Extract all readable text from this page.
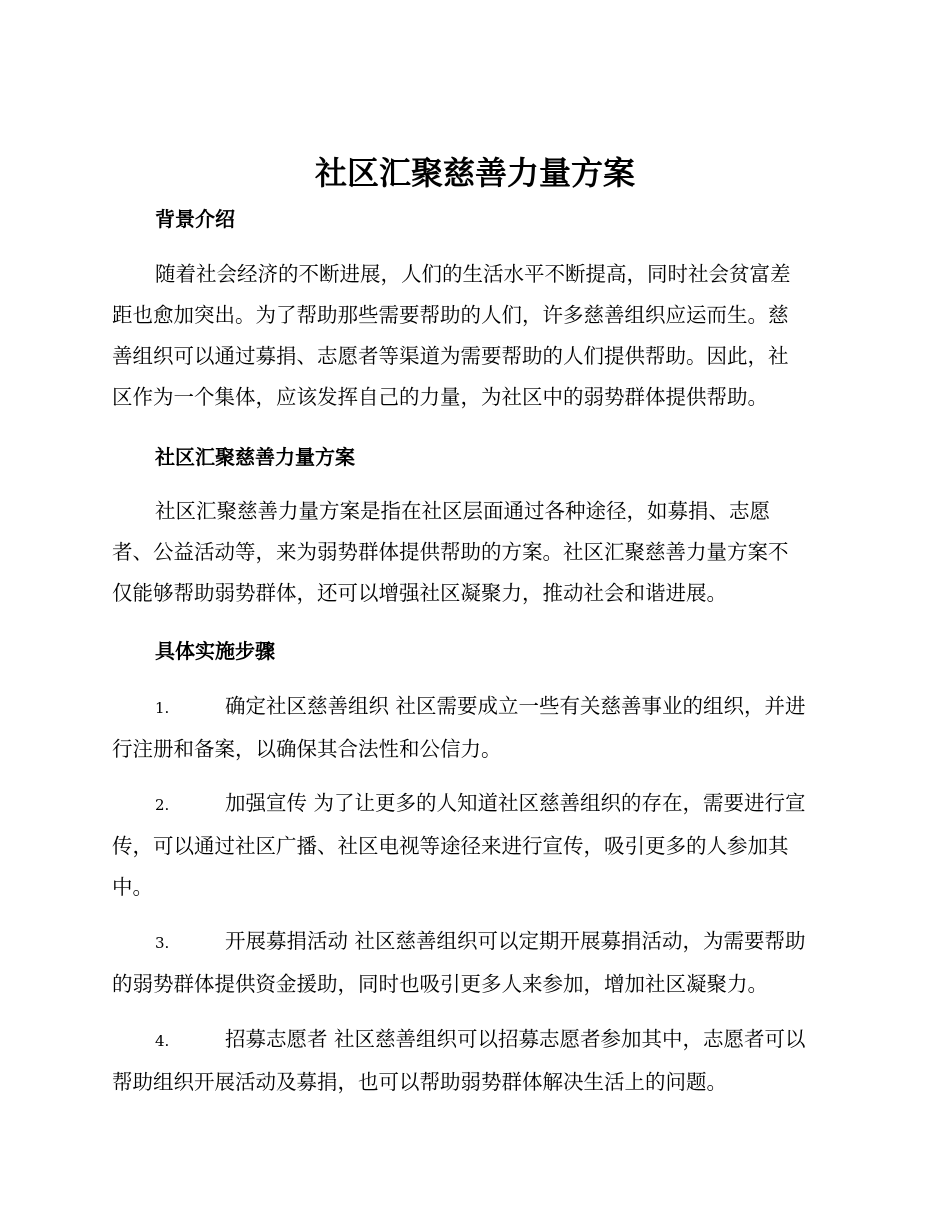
社区汇聚慈善力量方案
背景介绍
随着社会经济的不断进展，人们的生活水平不断提高，同时社会贫富差
距也愈加突出。为了帮助那些需要帮助的人们，许多慈善组织应运而生。慈
善组织可以通过募捐、志愿者等渠道为需要帮助的人们提供帮助。因此，社
区作为一个集体，应该发挥自己的力量，为社区中的弱势群体提供帮助。
社区汇聚慈善力量方案
社区汇聚慈善力量方案是指在社区层面通过各种途径，如募捐、志愿
者、公益活动等，来为弱势群体提供帮助的方案。社区汇聚慈善力量方案不
仅能够帮助弱势群体，还可以增强社区凝聚力，推动社会和谐进展。
具体实施步骤
1.	确定社区慈善组织 社区需要成立一些有关慈善事业的组织，并进
行注册和备案，以确保其合法性和公信力。
2.	加强宣传 为了让更多的人知道社区慈善组织的存在，需要进行宣
传，可以通过社区广播、社区电视等途径来进行宣传，吸引更多的人参加其
中。
3.	开展募捐活动 社区慈善组织可以定期开展募捐活动，为需要帮助
的弱势群体提供资金援助，同时也吸引更多人来参加，增加社区凝聚力。
4.	招募志愿者 社区慈善组织可以招募志愿者参加其中，志愿者可以
帮助组织开展活动及募捐，也可以帮助弱势群体解决生活上的问题。
